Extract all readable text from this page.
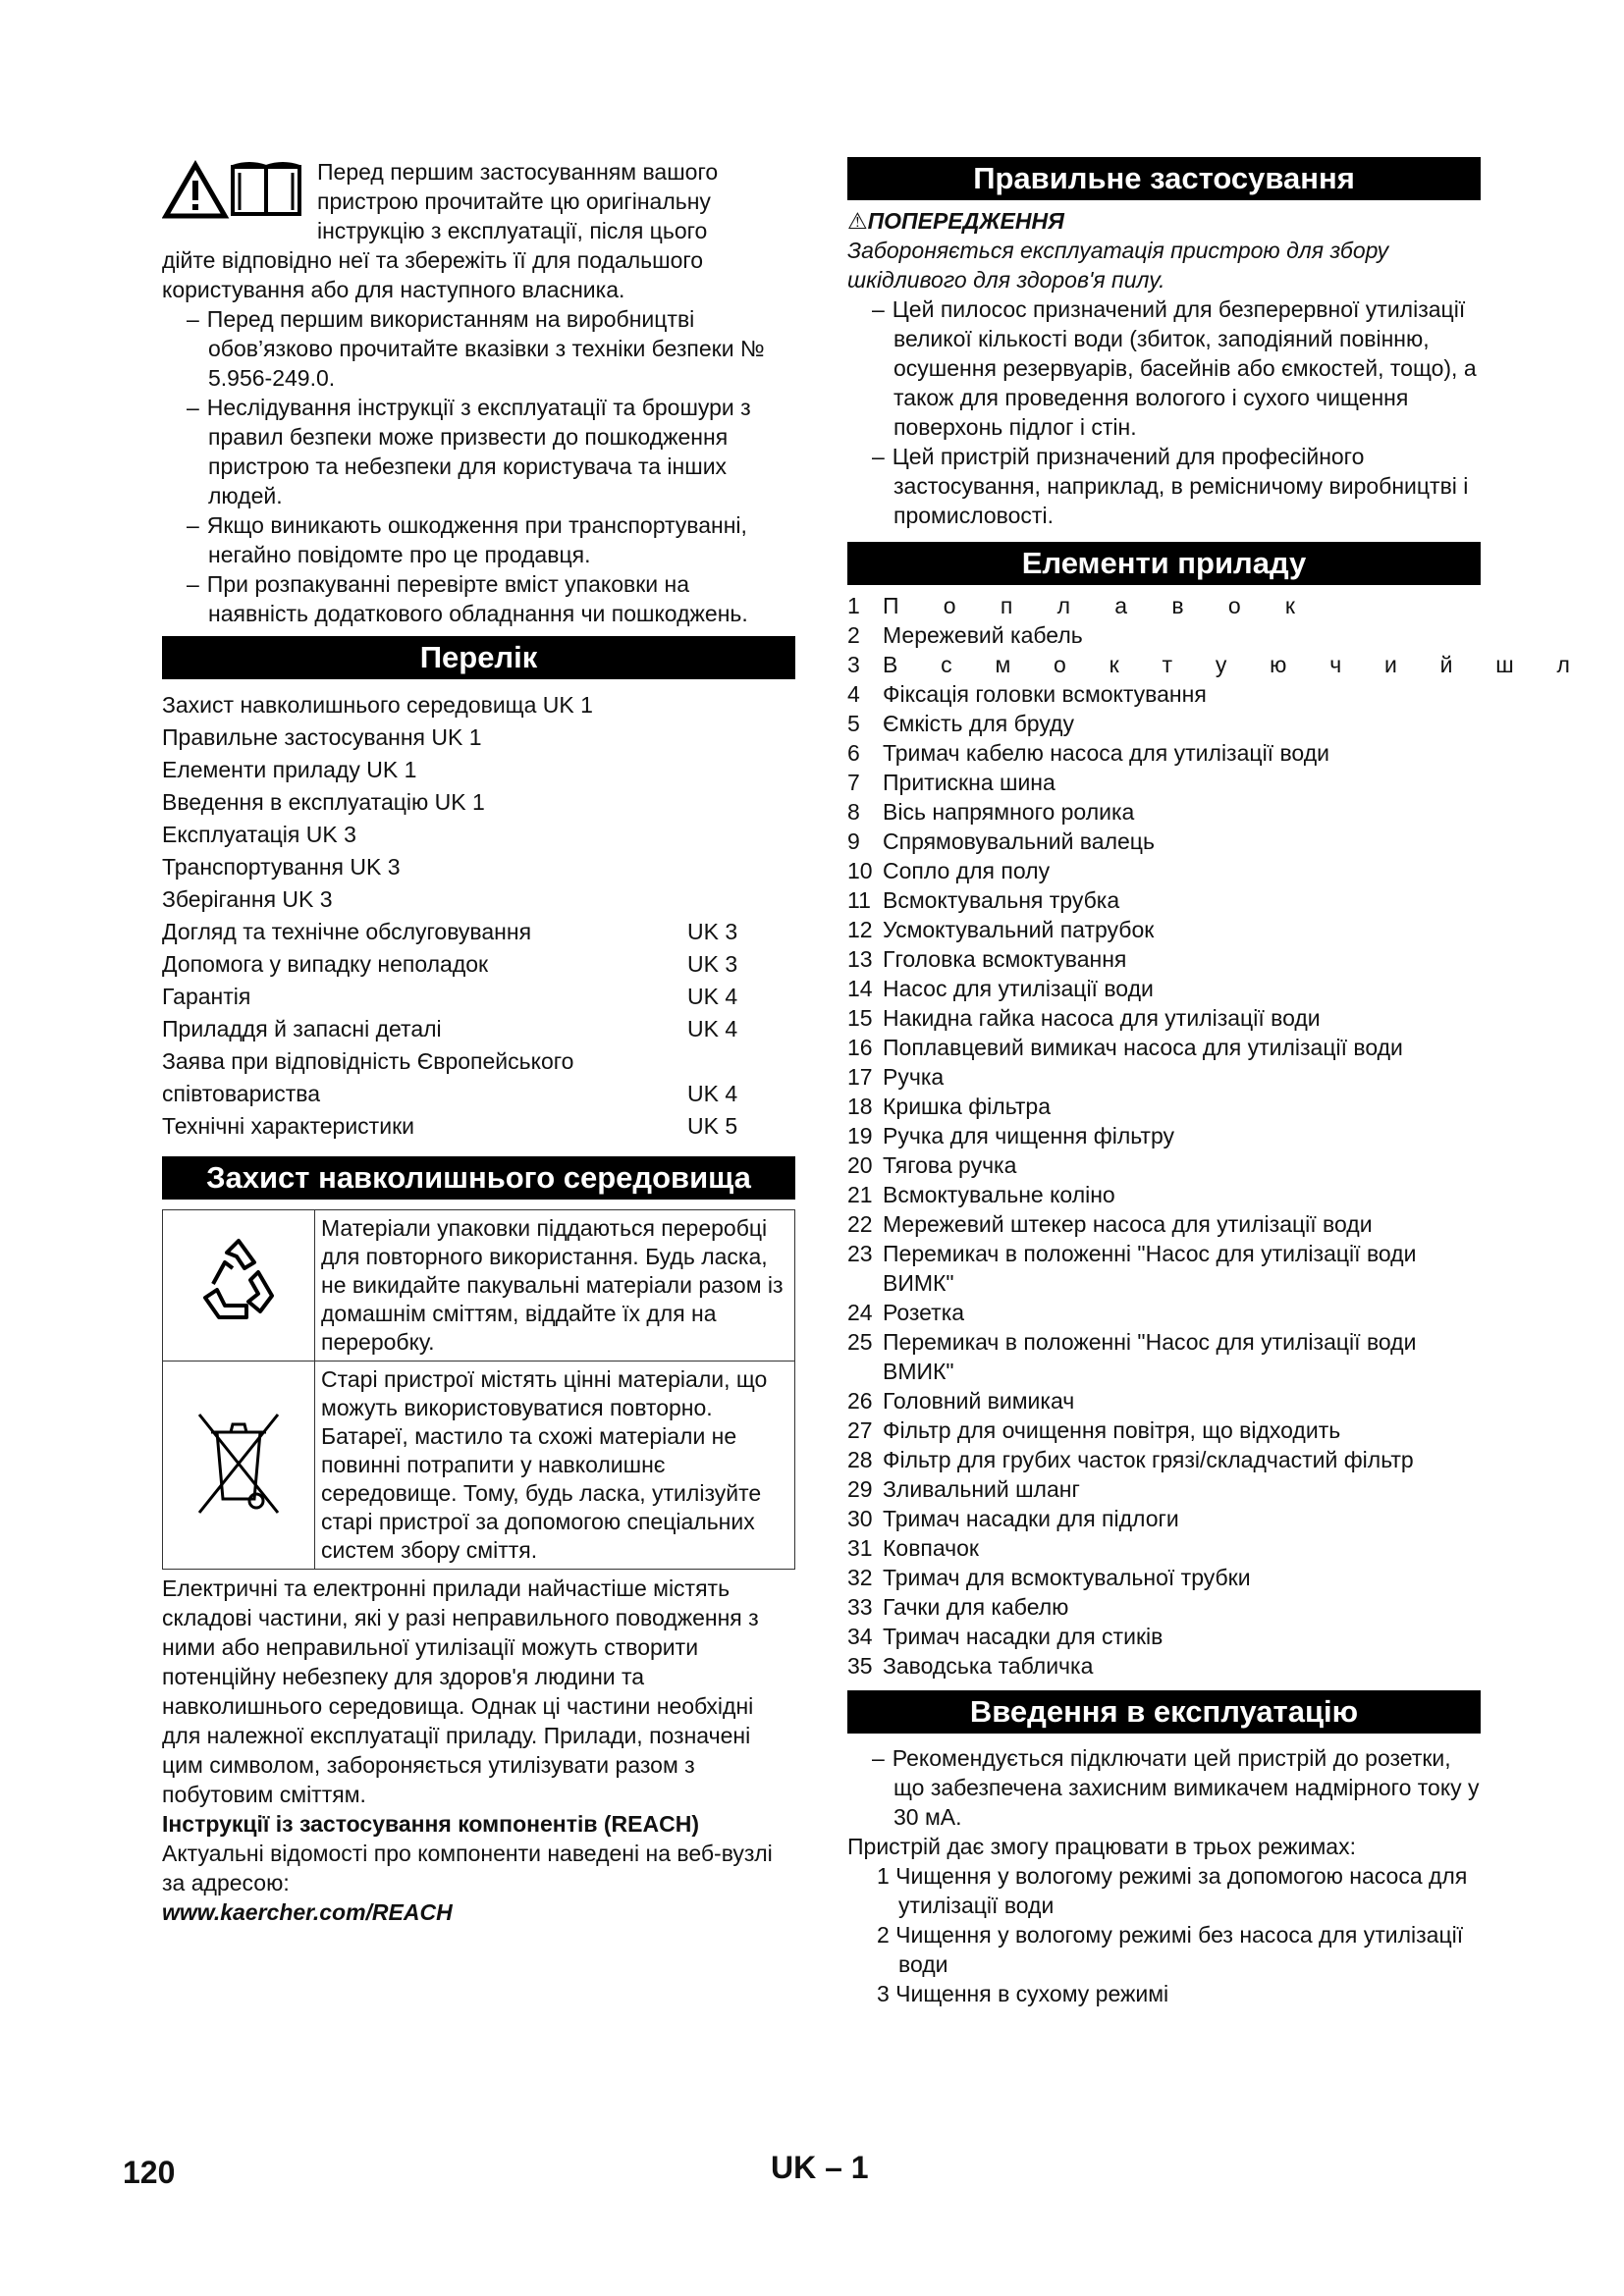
Перед першим застосуванням вашого

пристрою прочитайте цю оригінальну

інструкцію з експлуатації, після цього

дійте відповідно неї та збережіть її для подальшого

користування або для наступного власника.

– Перед першим використанням на виробництві обов’язково прочитайте вказівки з техніки безпеки № 5.956-249.0.
– Неслідування інструкції з експлуатації та брошури з правил безпеки може призвести до пошкодження пристрою та небезпеки для користувача та інших людей.
– Якщо виникають ошкодження при транспортуванні, негайно повідомте про це продавця.
– При розпакуванні перевірте вміст упаковки на наявність додаткового обладнання чи пошкоджень.
Перелік
Захист навколишнього середовища UK 1
Правильне застосування UK 1
Елементи приладу UK 1
Введення в експлуатацію UK 1
Експлуатація UK 3
Транспортування UK 3
Зберігання UK 3
Догляд та технічне обслуговування	UK 3
Допомога у випадку неполадок	UK 3
Гарантія	UK 4
Приладдя й запасні деталі	UK 4
Заява при відповідність Європейського
співтовариства	UK 4
Технічні характеристики	UK 5
Захист навколишнього середовища
	Матеріали упаковки піддаються переробці для повторного використання. Будь ласка, не викидайте пакувальні матеріали разом із домашнім сміттям, віддайте їх для на переробку.
	Старі пристрої містять цінні матеріали, що можуть використовуватися повторно. Батареї, мастило та схожі матеріали не повинні потрапити у навколишнє середовище. Тому, будь ласка, утилізуйте старі пристрої за допомогою спеціальних систем збору сміття.

Електричні та електронні прилади найчастіше містять складові частини, які у разі неправильного поводження з ними або неправильної утилізації можуть створити потенційну небезпеку для здоров'я людини та навколишнього середовища. Однак ці частини необхідні для належної експлуатації приладу. Прилади, позначені цим символом, забороняється утилізувати разом з побутовим сміттям.

Інструкції із застосування компонентів (REACH)

Актуальні відомості про компоненти наведені на веб-вузлі за адресою:

www.kaercher.com/REACH

Правильне застосування
⚠ПОПЕРЕДЖЕННЯ

Забороняється експлуатація пристрою для збору шкідливого для здоров'я пилу.

– Цей пилосос призначений для безперервної утилізації великої кількості води (збиток, заподіяний повінню, осушення резервуарів, басейнів або ємкостей, тощо), а також для проведення вологого і сухого чищення поверхонь підлог і стін.
– Цей пристрій призначений для професійного застосування, наприклад, в ремісничому виробництві і промисловості.
Елементи приладу
1	П о п л а в о к
2	Мережевий кабель
3	В с м о к т у ю ч и й ш л
4	Фіксація головки всмоктування
5	Ємкість для бруду
6	Тримач кабелю насоса для утилізації води
7	Притискна шина
8	Вісь напрямного ролика
9	Спрямовувальний валець
10 Сопло для полу
11 Всмоктувальня трубка
12 Усмоктувальний патрубок
13 Гголовка всмоктування
14 Насос для утилізації води
15 Накидна гайка насоса для утилізації води
16 Поплавцевий вимикач насоса для утилізації води
17 Ручка
18 Кришка фільтра
19 Ручка для чищення фільтру
20 Тягова ручка
21 Всмоктувальне коліно
22 Мережевий штекер насоса для утилізації води
23 Перемикач в положенні "Насос для утилізації води ВИМК"
24 Розетка
25 Перемикач в положенні "Насос для утилізації води ВМИК"
26 Головний вимикач
27 Фільтр для очищення повітря, що відходить
28 Фільтр для грубих часток грязі/складчастий фільтр
29 Зливальний шланг
30 Тримач насадки для підлоги
31 Ковпачок
32 Тримач для всмоктувальної трубки
33 Гачки для кабелю
34 Тримач насадки для стиків
35 Заводська табличка
Введення в експлуатацію
– Рекомендується підключати цей пристрій до розетки, що забезпечена захисним вимикачем надмірного току у 30 мА.

Пристрій дає змогу працювати в трьох режимах:

1 Чищення у вологому режимі за допомогою насоса для утилізації води
2 Чищення у вологому режимі без насоса для утилізації води
3 Чищення в сухому режимі
120	UK – 1
